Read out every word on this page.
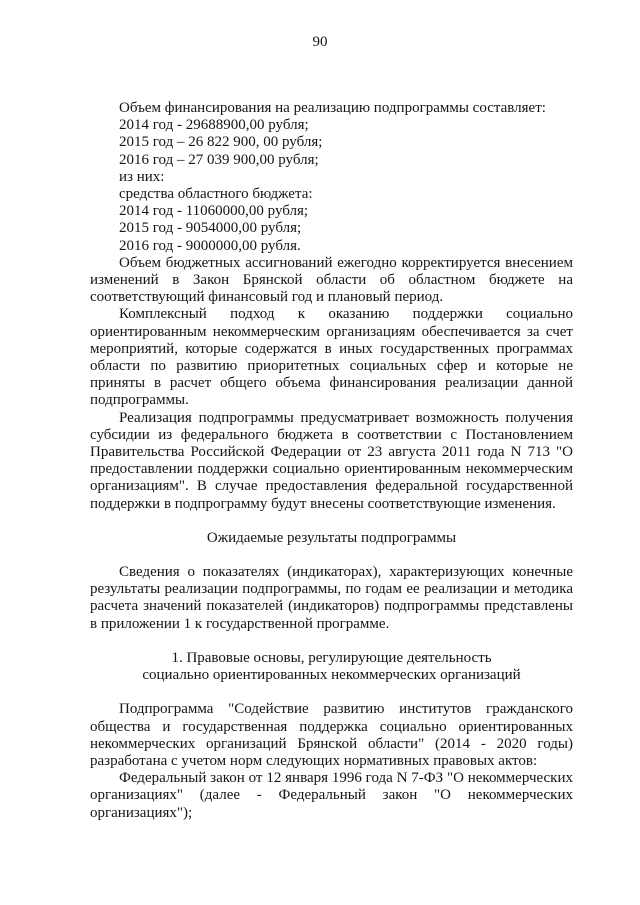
90
Объем финансирования на реализацию подпрограммы составляет:
2014 год - 29688900,00 рубля;
2015 год – 26 822 900, 00 рубля;
2016 год – 27 039 900,00 рубля;
из них:
средства областного бюджета:
2014 год - 11060000,00 рубля;
2015 год - 9054000,00 рубля;
2016 год - 9000000,00 рубля.
Объем бюджетных ассигнований ежегодно корректируется внесением изменений в Закон Брянской области об областном бюджете на соответствующий финансовый год и плановый период.
Комплексный подход к оказанию поддержки социально ориентированным некоммерческим организациям обеспечивается за счет мероприятий, которые содержатся в иных государственных программах области по развитию приоритетных социальных сфер и которые не приняты в расчет общего объема финансирования реализации данной подпрограммы.
Реализация подпрограммы предусматривает возможность получения субсидии из федерального бюджета в соответствии с Постановлением Правительства Российской Федерации от 23 августа 2011 года N 713 "О предоставлении поддержки социально ориентированным некоммерческим организациям". В случае предоставления федеральной государственной поддержки в подпрограмму будут внесены соответствующие изменения.
Ожидаемые результаты подпрограммы
Сведения о показателях (индикаторах), характеризующих конечные результаты реализации подпрограммы, по годам ее реализации и методика расчета значений показателей (индикаторов) подпрограммы представлены в приложении 1 к государственной программе.
1. Правовые основы, регулирующие деятельность
социально ориентированных некоммерческих организаций
Подпрограмма "Содействие развитию институтов гражданского общества и государственная поддержка социально ориентированных некоммерческих организаций Брянской области" (2014 - 2020 годы) разработана с учетом норм следующих нормативных правовых актов:
Федеральный закон от 12 января 1996 года N 7-ФЗ "О некоммерческих организациях" (далее - Федеральный закон "О некоммерческих организациях");
